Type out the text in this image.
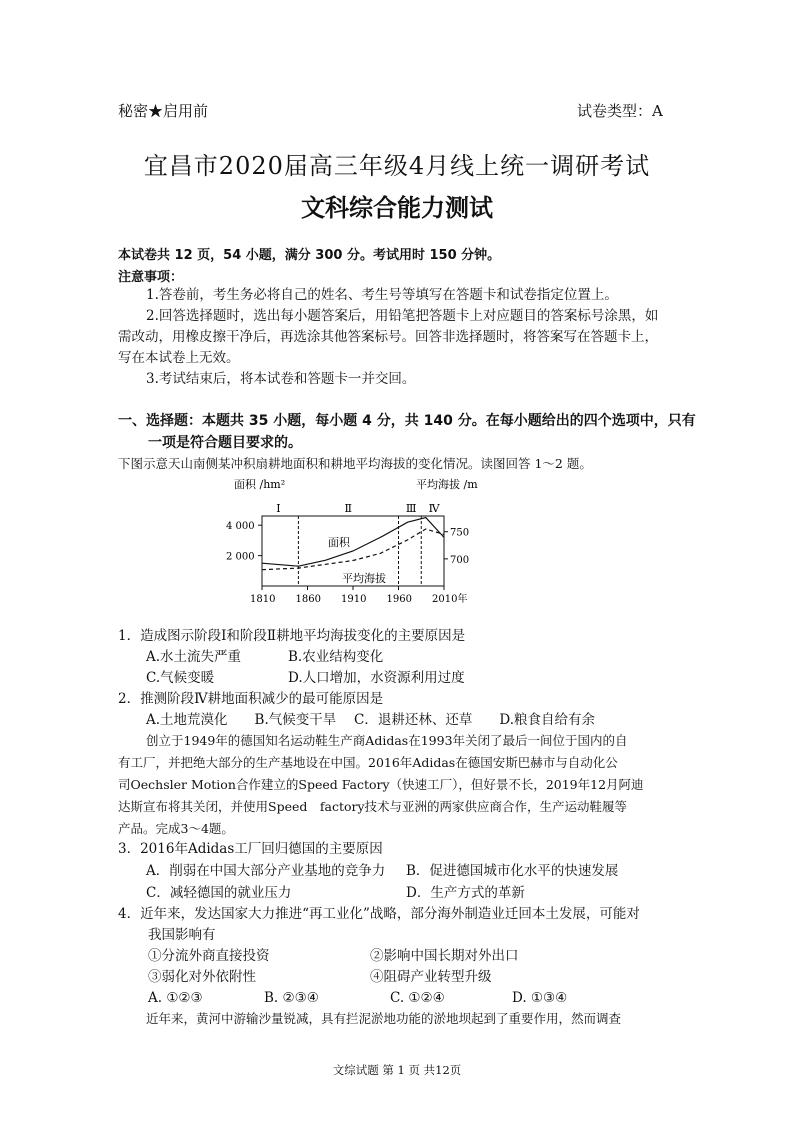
秘密★启用前	试卷类型：A
宜昌市2020届高三年级4月线上统一调研考试
文科综合能力测试
本试卷共 12 页，54 小题，满分 300 分。考试用时 150 分钟。
注意事项：
1.答卷前，考生务必将自己的姓名、考生号等填写在答题卡和试卷指定位置上。
2.回答选择题时，选出每小题答案后，用铅笔把答题卡上对应题目的答案标号涂黑，如
需改动，用橡皮擦干净后，再选涂其他答案标号。回答非选择题时，将答案写在答题卡上，
写在本试卷上无效。
3.考试结束后，将本试卷和答题卡一并交回。
一、选择题：本题共 35 小题，每小题 4 分，共 140 分。在每小题给出的四个选项中，只有
一项是符合题目要求的。
下图示意天山南侧某冲积扇耕地面积和耕地平均海拔的变化情况。读图回答 1～2 题。
面积 /hm²	平均海拔 /m
4 000
2 000
750
700
1810 1860 1910 1960 2010年
Ⅰ	Ⅱ	Ⅲ Ⅳ
面积
平均海拔
1．造成图示阶段Ⅰ和阶段Ⅱ耕地平均海拔变化的主要原因是
A.水土流失严重	B.农业结构变化
C.气候变暖	D.人口增加，水资源利用过度
2．推测阶段Ⅳ耕地面积减少的最可能原因是
A.土地荒漠化　　B.气候变干旱　 C．退耕还林、还草　　D.粮食自给有余
创立于1949年的德国知名运动鞋生产商Adidas在1993年关闭了最后一间位于国内的自
有工厂，并把绝大部分的生产基地设在中国。2016年Adidas在德国安斯巴赫市与自动化公
司Oechsler Motion合作建立的Speed Factory（快速工厂），但好景不长，2019年12月阿迪
达斯宣布将其关闭，并使用Speed　factory技术与亚洲的两家供应商合作，生产运动鞋履等
产品。完成3～4题。
3．2016年Adidas工厂回归德国的主要原因
A．削弱在中国大部分产业基地的竞争力 B．促进德国城市化水平的快速发展
C．减轻德国的就业压力	D．生产方式的革新
4．近年来，发达国家大力推进“再工业化”战略，部分海外制造业迁回本土发展，可能对
我国影响有
①分流外商直接投资	②影响中国长期对外出口
③弱化对外依附性	④阻碍产业转型升级
A. ①②③	B. ②③④	C. ①②④	D. ①③④
近年来，黄河中游输沙量锐减，具有拦泥淤地功能的淤地坝起到了重要作用，然而调查
文综试题 第 1 页 共12页
